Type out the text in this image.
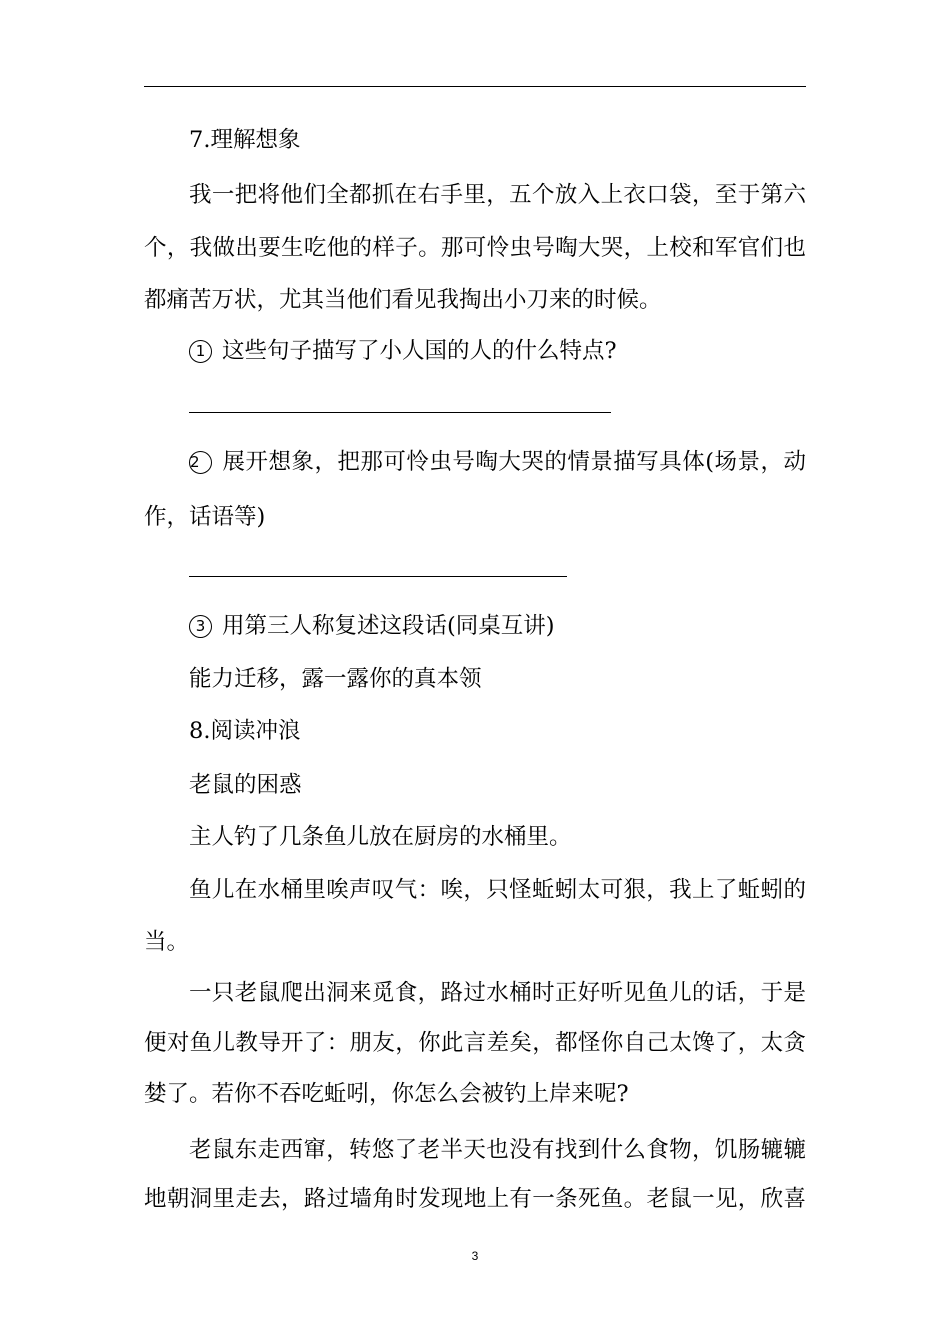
7.理解想象
我一把将他们全都抓在右手里，五个放入上衣口袋，至于第六
个，我做出要生吃他的样子。那可怜虫号啕大哭，上校和军官们也
都痛苦万状，尤其当他们看见我掏出小刀来的时候。
1 这些句子描写了小人国的人的什么特点?
2 展开想象，把那可怜虫号啕大哭的情景描写具体(场景，动
作，话语等)
3 用第三人称复述这段话(同桌互讲)
能力迁移，露一露你的真本领
8.阅读冲浪
老鼠的困惑
主人钓了几条鱼儿放在厨房的水桶里。
鱼儿在水桶里唉声叹气：唉，只怪蚯蚓太可狠，我上了蚯蚓的
当。
一只老鼠爬出洞来觅食，路过水桶时正好听见鱼儿的话，于是
便对鱼儿教导开了：朋友，你此言差矣，都怪你自己太馋了，太贪
婪了。若你不吞吃蚯吲，你怎么会被钓上岸来呢?
老鼠东走西窜，转悠了老半天也没有找到什么食物，饥肠辘辘
地朝洞里走去，路过墙角时发现地上有一条死鱼。老鼠一见，欣喜
3
